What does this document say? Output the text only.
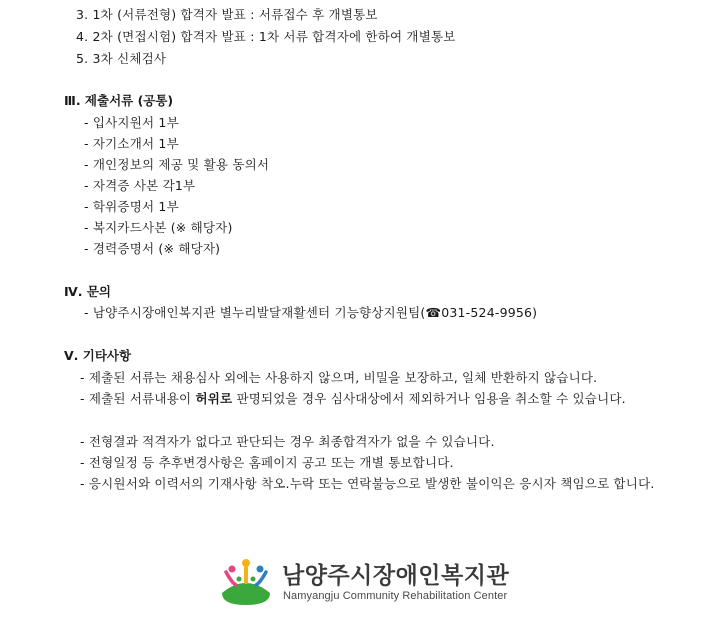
3. 1차 (서류전형) 합격자 발표 : 서류접수 후 개별통보
4. 2차 (면접시험) 합격자 발표 : 1차 서류 합격자에 한하여 개별통보
5. 3차 신체검사
Ⅲ. 제출서류 (공통)
- 입사지원서 1부
- 자기소개서 1부
- 개인정보의 제공 및 활용 동의서
- 자격증 사본 각1부
- 학위증명서 1부
- 복지카드사본 (※ 해당자)
- 경력증명서 (※ 해당자)
Ⅳ. 문의
- 남양주시장애인복지관 별누리발달재활센터 기능향상지원팀(☎031-524-9956)
Ⅴ. 기타사항
- 제출된 서류는 채용심사 외에는 사용하지 않으며, 비밀을 보장하고, 일체 반환하지 않습니다.
- 제출된 서류내용이 허위로 판명되었을 경우 심사대상에서 제외하거나 임용을 취소할 수 있습니다.
- 전형결과 적격자가 없다고 판단되는 경우 최종합격자가 없을 수 있습니다.
- 전형일정 등 추후변경사항은 홈페이지 공고 또는 개별 통보합니다.
- 응시원서와 이력서의 기재사항 착오.누락 또는 연락불능으로 발생한 불이익은 응시자 책임으로 합니다.
남양주시장애인복지관
Namyangju Community Rehabilitation Center
